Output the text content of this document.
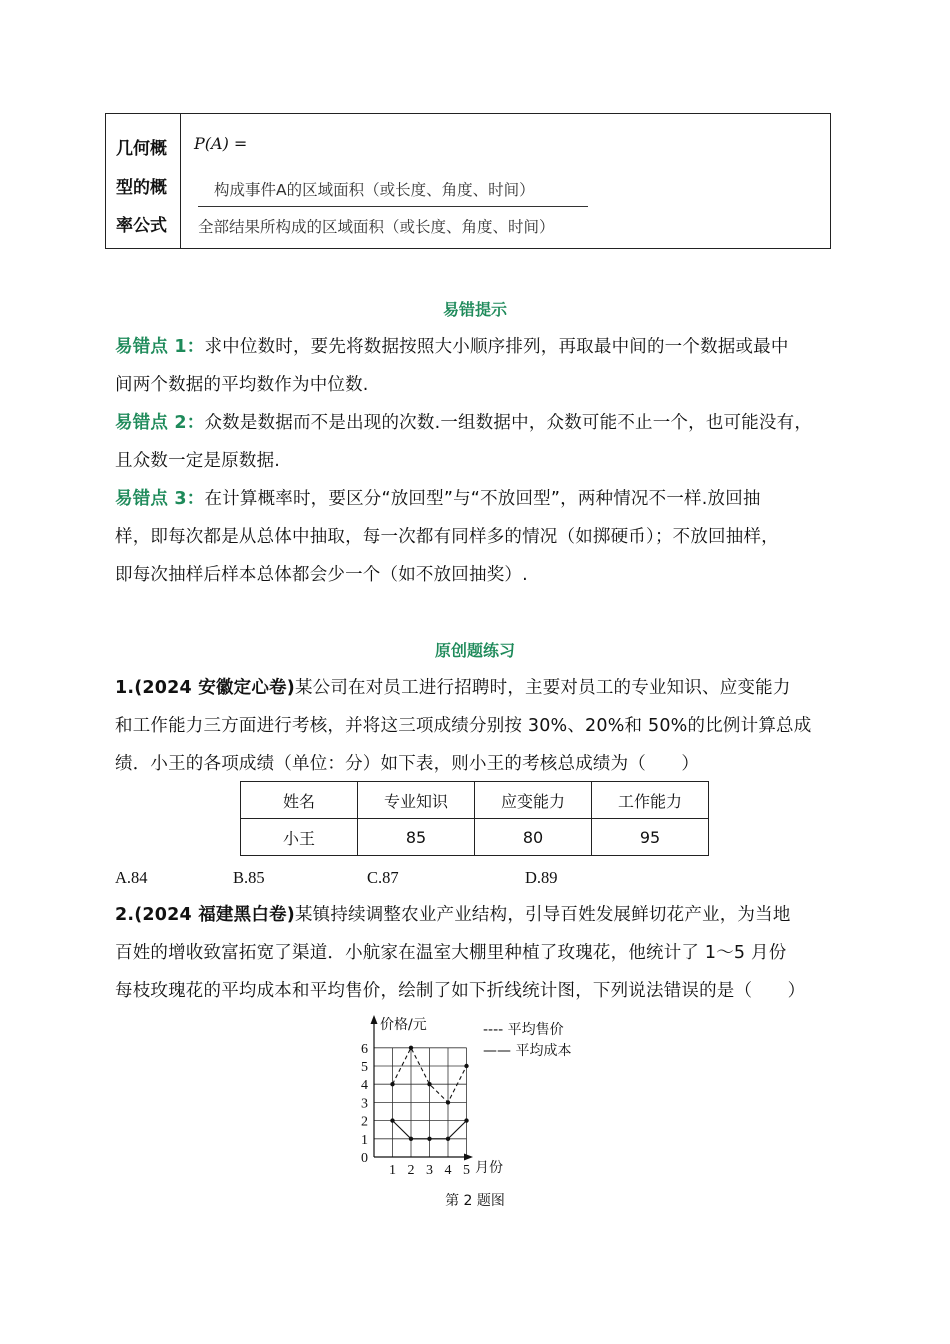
几何概
型的概
率公式
P(A) =
构成事件A的区域面积（或长度、角度、时间）
全部结果所构成的区域面积（或长度、角度、时间）
易错提示
易错点 1：求中位数时，要先将数据按照大小顺序排列，再取最中间的一个数据或最中
间两个数据的平均数作为中位数.
易错点 2：众数是数据而不是出现的次数.一组数据中，众数可能不止一个，也可能没有，
且众数一定是原数据.
易错点 3：在计算概率时，要区分“放回型”与“不放回型”，两种情况不一样.放回抽
样，即每次都是从总体中抽取，每一次都有同样多的情况（如掷硬币）；不放回抽样，
即每次抽样后样本总体都会少一个（如不放回抽奖）.
原创题练习
1.(2024 安徽定心卷)某公司在对员工进行招聘时，主要对员工的专业知识、应变能力
和工作能力三方面进行考核，并将这三项成绩分别按 30%、20%和 50%的比例计算总成
绩．小王的各项成绩（单位：分）如下表，则小王的考核总成绩为（　　）
姓名	专业知识	应变能力	工作能力
小王	85	80	95
A.84	B.85	C.87	D.89
2.(2024 福建黑白卷)某镇持续调整农业产业结构，引导百姓发展鲜切花产业，为当地
百姓的增收致富拓宽了渠道．小航家在温室大棚里种植了玫瑰花，他统计了 1～5 月份
每枝玫瑰花的平均成本和平均售价，绘制了如下折线统计图，下列说法错误的是（　　）
0
1
2
3
4
5
6
1 2 3 4 5
价格/元
月份
---- 平均售价
—— 平均成本
第 2 题图
